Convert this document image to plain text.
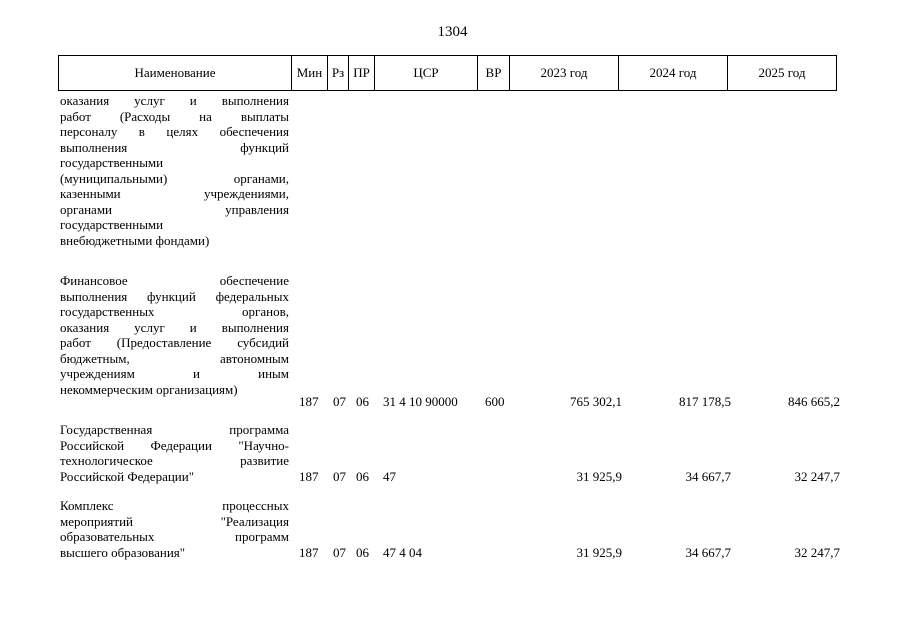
1304
Наименование	Мин	Рз	ПР	ЦСР	ВР	2023 год	2024 год	2025 год
оказания услуг и выполнения
работ (Расходы на выплаты
персоналу в целях обеспечения
выполнения функций
государственными
(муниципальными) органами,
казенными учреждениями,
органами управления
государственными
внебюджетными фондами)
Финансовое обеспечение
выполнения функций федеральных
государственных органов,
оказания услуг и выполнения
работ (Предоставление субсидий
бюджетным, автономным
учреждениям и иным
некоммерческим организациям)
187 07 06 31 4 10 90000 600	765 302,1	817 178,5	846 665,2
Государственная программа
Российской Федерации "Научно-
технологическое развитие
Российской Федерации"	187 07 06 47	31 925,9	34 667,7	32 247,7
Комплекс процессных
мероприятий "Реализация
образовательных программ
высшего образования"	187 07 06 47 4 04	31 925,9	34 667,7	32 247,7
